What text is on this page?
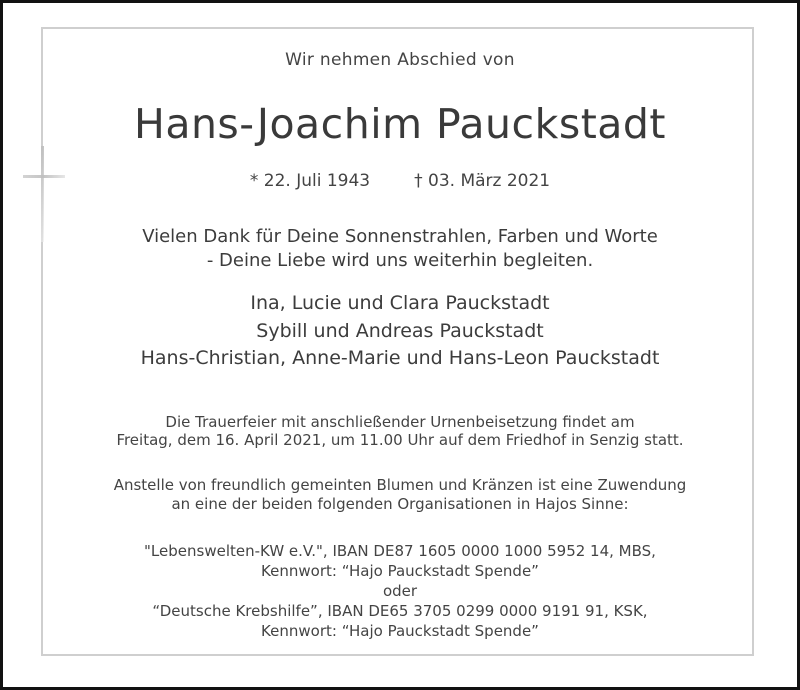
Wir nehmen Abschied von

Hans-Joachim Pauckstadt

* 22. Juli 1943	† 03. März 2021

Vielen Dank für Deine Sonnenstrahlen, Farben und Worte

- Deine Liebe wird uns weiterhin begleiten.

Ina, Lucie und Clara Pauckstadt

Sybill und Andreas Pauckstadt

Hans-Christian, Anne-Marie und Hans-Leon Pauckstadt

Die Trauerfeier mit anschließender Urnenbeisetzung findet am

Freitag, dem 16. April 2021, um 11.00 Uhr auf dem Friedhof in Senzig statt.

Anstelle von freundlich gemeinten Blumen und Kränzen ist eine Zuwendung

an eine der beiden folgenden Organisationen in Hajos Sinne:

"Lebenswelten-KW e.V.", IBAN DE87 1605 0000 1000 5952 14, MBS,

Kennwort: “Hajo Pauckstadt Spende”

oder

“Deutsche Krebshilfe”, IBAN DE65 3705 0299 0000 9191 91, KSK,

Kennwort: “Hajo Pauckstadt Spende”
